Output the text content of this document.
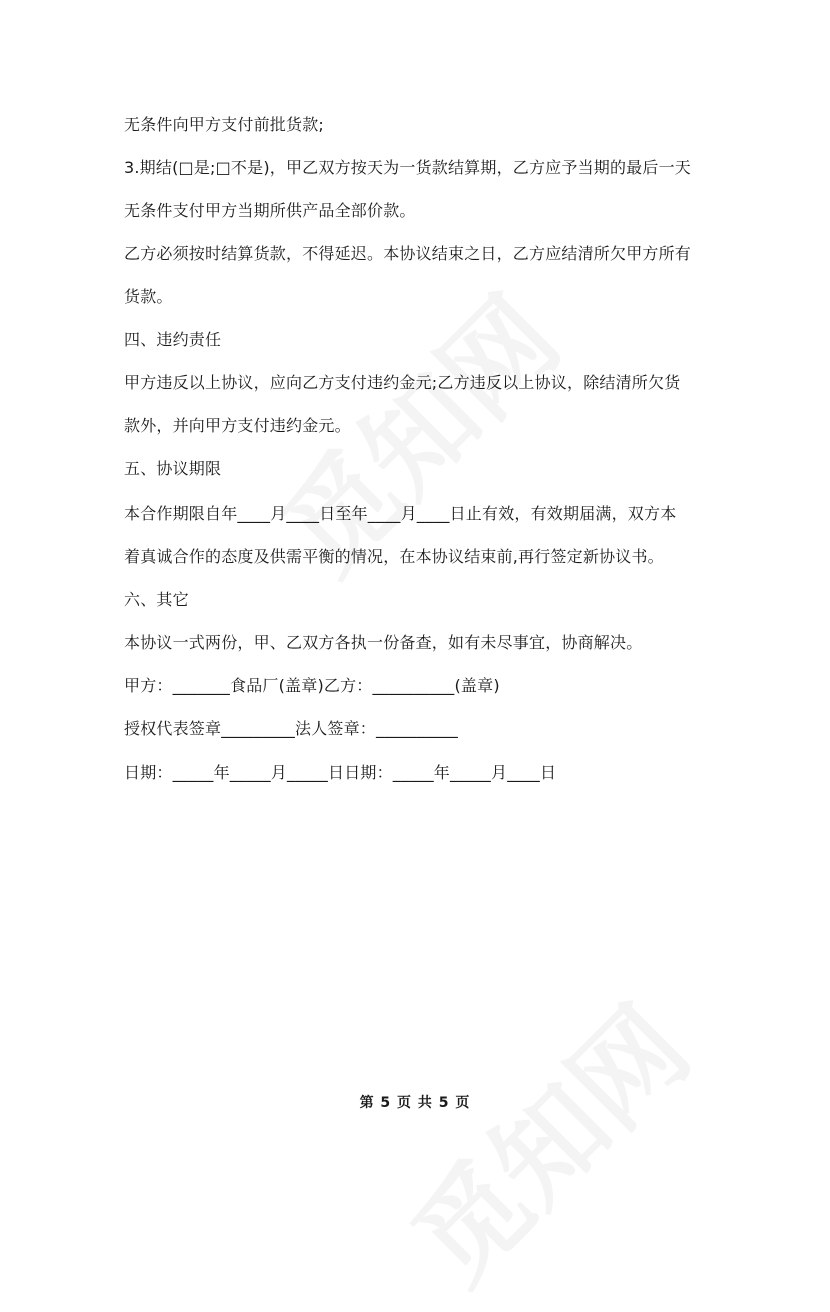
无条件向甲方支付前批货款;
3.期结(□是;□不是)，甲乙双方按天为一货款结算期，乙方应予当期的最后一天
无条件支付甲方当期所供产品全部价款。
乙方必须按时结算货款，不得延迟。本协议结束之日，乙方应结清所欠甲方所有
货款。
四、违约责任
甲方违反以上协议，应向乙方支付违约金元;乙方违反以上协议，除结清所欠货
款外，并向甲方支付违约金元。
五、协议期限
本合作期限自年____月____日至年____月____日止有效，有效期届满，双方本
着真诚合作的态度及供需平衡的情况，在本协议结束前,再行签定新协议书。
六、其它
本协议一式两份，甲、乙双方各执一份备查，如有未尽事宜，协商解决。
甲方：_______食品厂(盖章)乙方：__________(盖章)
授权代表签章_________法人签章：__________
日期：_____年_____月_____日日期：_____年_____月____日
第 5 页 共 5 页
